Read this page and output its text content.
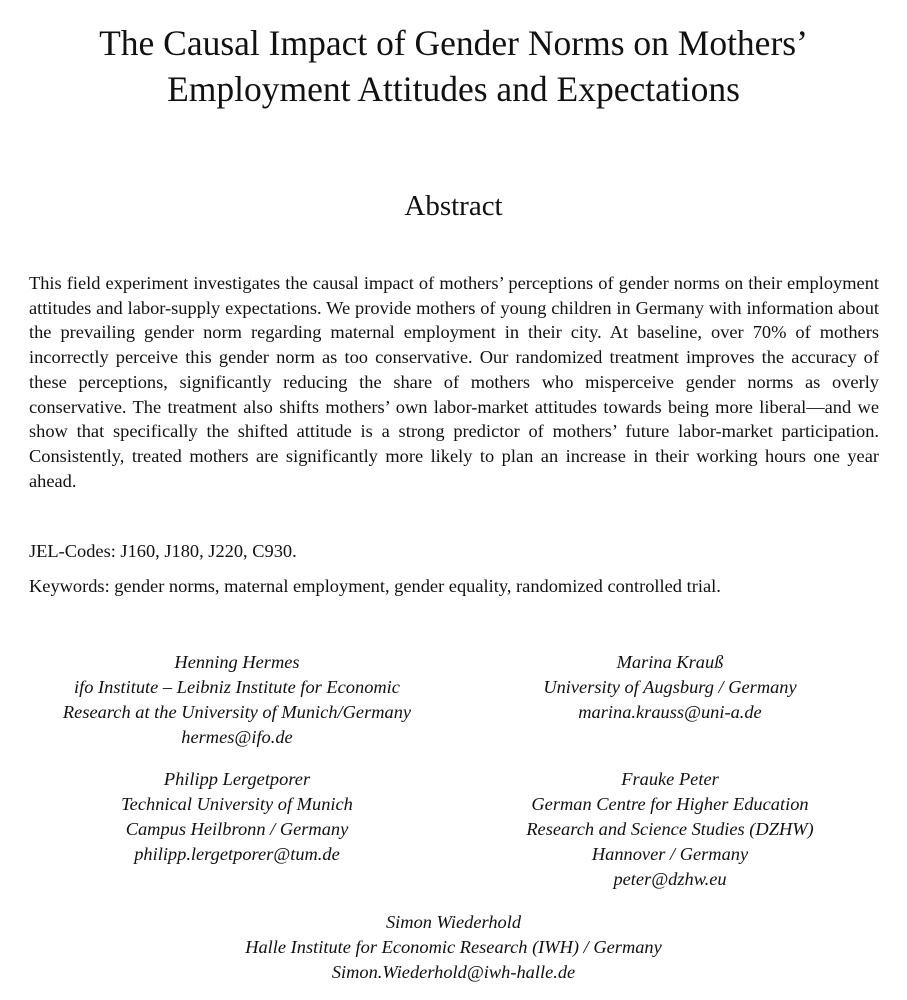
The Causal Impact of Gender Norms on Mothers’
Employment Attitudes and Expectations
Abstract

This field experiment investigates the causal impact of mothers’ perceptions of gender norms on their employment attitudes and labor-supply expectations. We provide mothers of young children in Germany with information about the prevailing gender norm regarding maternal employment in their city. At baseline, over 70% of mothers incorrectly perceive this gender norm as too conservative. Our randomized treatment improves the accuracy of these perceptions, significantly reducing the share of mothers who misperceive gender norms as overly conservative. The treatment also shifts mothers’ own labor-market attitudes towards being more liberal—and we show that specifically the shifted attitude is a strong predictor of mothers’ future labor-market participation. Consistently, treated mothers are significantly more likely to plan an increase in their working hours one year ahead.

JEL-Codes: J160, J180, J220, C930.

Keywords: gender norms, maternal employment, gender equality, randomized controlled trial.

Henning Hermes
ifo Institute – Leibniz Institute for Economic
Research at the University of Munich/Germany
hermes@ifo.de
Marina Krauß
University of Augsburg / Germany
marina.krauss@uni-a.de
Philipp Lergetporer
Technical University of Munich
Campus Heilbronn / Germany
philipp.lergetporer@tum.de
Frauke Peter
German Centre for Higher Education
Research and Science Studies (DZHW)
Hannover / Germany
peter@dzhw.eu
Simon Wiederhold
Halle Institute for Economic Research (IWH) / Germany
Simon.Wiederhold@iwh-halle.de
